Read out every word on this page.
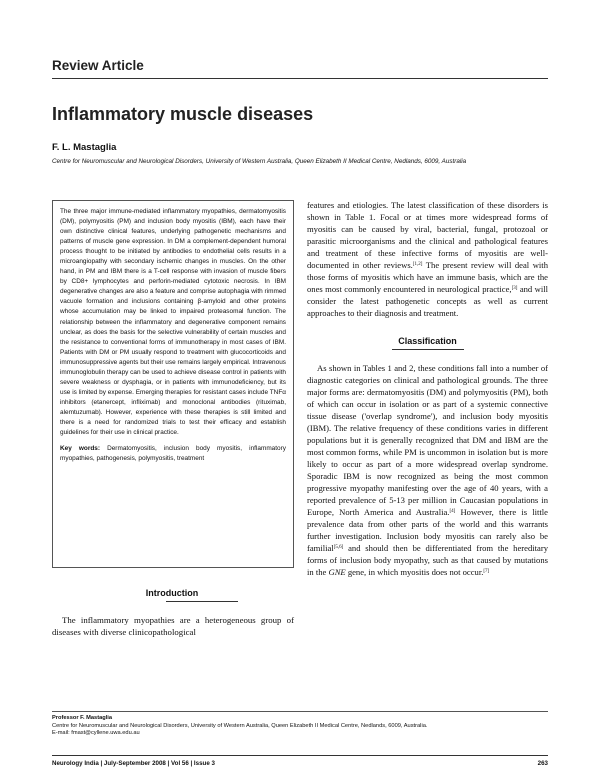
Review Article
Inflammatory muscle diseases
F. L. Mastaglia
Centre for Neuromuscular and Neurological Disorders, University of Western Australia, Queen Elizabeth II Medical Centre, Nedlands, 6009, Australia

The three major immune-mediated inflammatory myopathies, dermatomyositis (DM), polymyositis (PM) and inclusion body myositis (IBM), each have their own distinctive clinical features, underlying pathogenetic mechanisms and patterns of muscle gene expression. In DM a complement-dependent humoral process thought to be initiated by antibodies to endothelial cells results in a microangiopathy with secondary ischemic changes in muscles. On the other hand, in PM and IBM there is a T-cell response with invasion of muscle fibers by CD8+ lymphocytes and perforin-mediated cytotoxic necrosis. In IBM degenerative changes are also a feature and comprise autophagia with rimmed vacuole formation and inclusions containing β-amyloid and other proteins whose accumulation may be linked to impaired proteasomal function. The relationship between the inflammatory and degenerative component remains unclear, as does the basis for the selective vulnerability of certain muscles and the resistance to conventional forms of immunotherapy in most cases of IBM. Patients with DM or PM usually respond to treatment with glucocorticoids and immunosuppressive agents but their use remains largely empirical. Intravenous immunoglobulin therapy can be used to achieve disease control in patients with severe weakness or dysphagia, or in patients with immunodeficiency, but its use is limited by expense. Emerging therapies for resistant cases include TNFα inhibitors (etanercept, infliximab) and monoclonal antibodies (rituximab, alemtuzumab). However, experience with these therapies is still limited and there is a need for randomized trials to test their efficacy and establish guidelines for their use in clinical practice.

Key words: Dermatomyositis, inclusion body myositis, inflammatory myopathies, pathogenesis, polymyositis, treatment

Introduction

The inflammatory myopathies are a heterogeneous group of diseases with diverse clinicopathological

features and etiologies. The latest classification of these disorders is shown in Table 1. Focal or at times more widespread forms of myositis can be caused by viral, bacterial, fungal, protozoal or parasitic microorganisms and the clinical and pathological features and treatment of these infective forms of myositis are well-documented in other reviews.[1,2] The present review will deal with those forms of myositis which have an immune basis, which are the ones most commonly encountered in neurological practice,[3] and will consider the latest pathogenetic concepts as well as current approaches to their diagnosis and treatment.

Classification

As shown in Tables 1 and 2, these conditions fall into a number of diagnostic categories on clinical and pathological grounds. The three major forms are: dermatomyositis (DM) and polymyositis (PM), both of which can occur in isolation or as part of a systemic connective tissue disease ('overlap syndrome'), and inclusion body myositis (IBM). The relative frequency of these conditions varies in different populations but it is generally recognized that DM and IBM are the most common forms, while PM is uncommon in isolation but is more likely to occur as part of a more widespread overlap syndrome. Sporadic IBM is now recognized as being the most common progressive myopathy manifesting over the age of 40 years, with a reported prevalence of 5-13 per million in Caucasian populations in Europe, North America and Australia.[4] However, there is little prevalence data from other parts of the world and this warrants further investigation. Inclusion body myositis can rarely also be familial[5,6] and should then be differentiated from the hereditary forms of inclusion body myopathy, such as that caused by mutations in the GNE gene, in which myositis does not occur.[7]

Professor F. Mastaglia
Centre for Neuromuscular and Neurological Disorders, University of Western Australia, Queen Elizabeth II Medical Centre, Nedlands, 6009, Australia.
E-mail: fmast@cyllene.uwa.edu.au
Neurology India | July-September 2008 | Vol 56 | Issue 3	263
